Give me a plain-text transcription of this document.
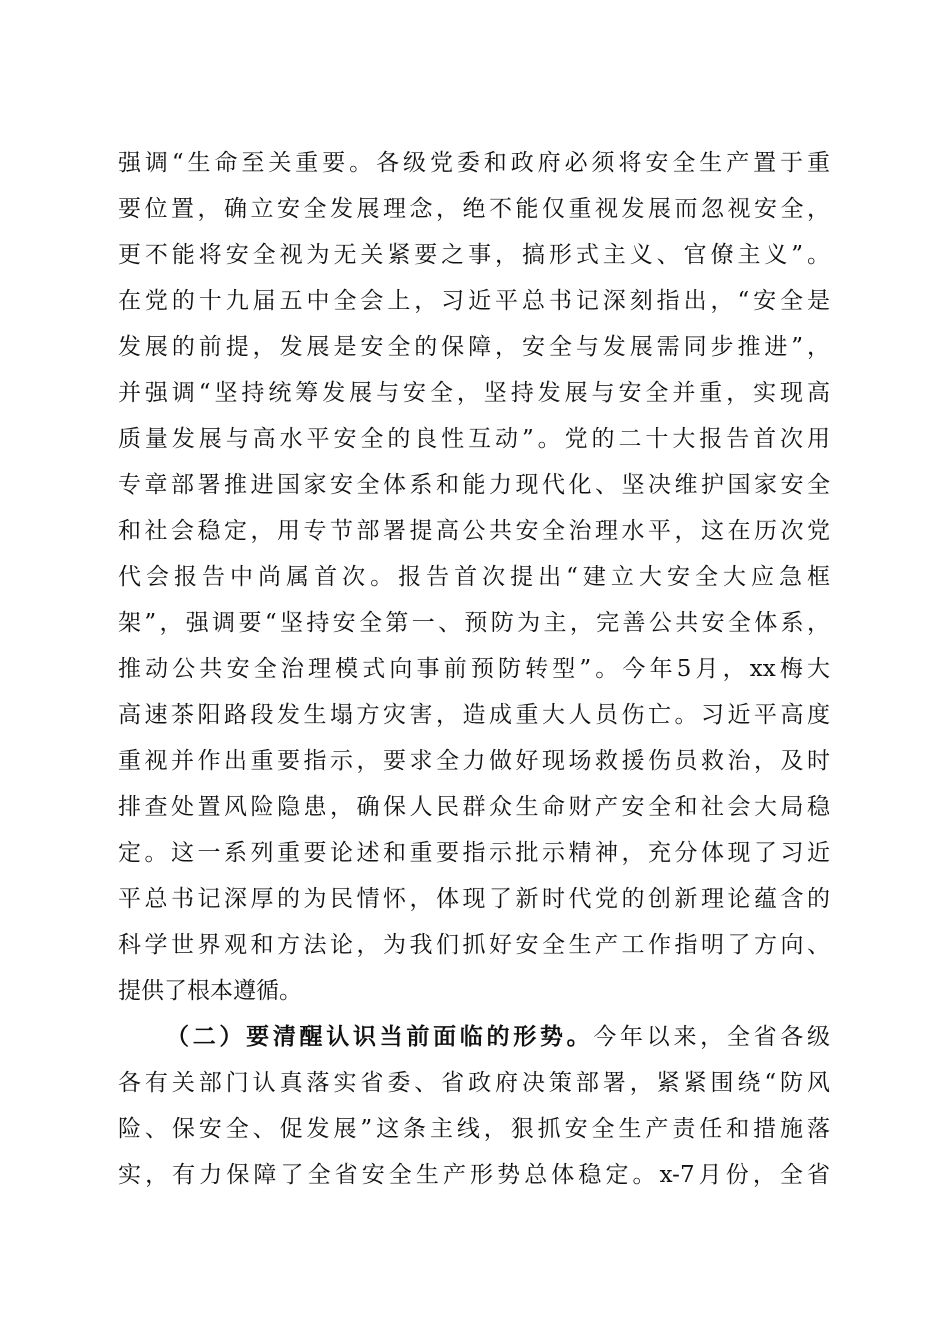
强调“生命至关重要。各级党委和政府必须将安全生产置于重
要位置，确立安全发展理念，绝不能仅重视发展而忽视安全，
更不能将安全视为无关紧要之事，搞形式主义、官僚主义”。
在党的十九届五中全会上，习近平总书记深刻指出，“安全是
发展的前提，发展是安全的保障，安全与发展需同步推进”，
并强调“坚持统筹发展与安全，坚持发展与安全并重，实现高
质量发展与高水平安全的良性互动”。党的二十大报告首次用
专章部署推进国家安全体系和能力现代化、坚决维护国家安全
和社会稳定，用专节部署提高公共安全治理水平，这在历次党
代会报告中尚属首次。报告首次提出“建立大安全大应急框
架”，强调要“坚持安全第一、预防为主，完善公共安全体系，
推动公共安全治理模式向事前预防转型”。今年5月，xx梅大
高速茶阳路段发生塌方灾害，造成重大人员伤亡。习近平高度
重视并作出重要指示，要求全力做好现场救援伤员救治，及时
排查处置风险隐患，确保人民群众生命财产安全和社会大局稳
定。这一系列重要论述和重要指示批示精神，充分体现了习近
平总书记深厚的为民情怀，体现了新时代党的创新理论蕴含的
科学世界观和方法论，为我们抓好安全生产工作指明了方向、
提供了根本遵循。
（二）要清醒认识当前面临的形势。今年以来，全省各级
各有关部门认真落实省委、省政府决策部署，紧紧围绕“防风
险、保安全、促发展”这条主线，狠抓安全生产责任和措施落
实，有力保障了全省安全生产形势总体稳定。x-7月份，全省
